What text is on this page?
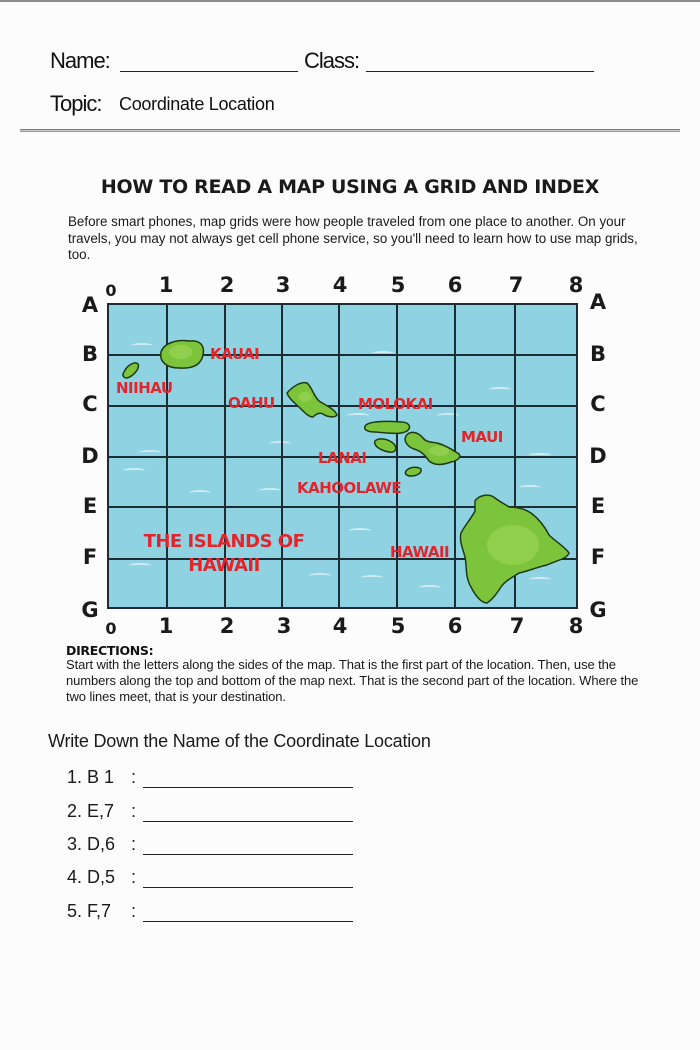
Name:	Class:
Topic: Coordinate Location
HOW TO READ A MAP USING A GRID AND INDEX
Before smart phones, map grids were how people traveled from one place to another. On your travels, you may not always get cell phone service, so you'll need to learn how to use map grids, too.
0	1 2 3 4 5 6 7 8
0	1 2 3 4 5 6 7 8
A
B
C
D
E
F
G
A
B
C
D
E
F
G
KAUAI
NIIHAU
OAHU	MOLOKAI
MAUI
LANAI
KAHOOLAWE
HAWAII
THE ISLANDS OF
HAWAII
DIRECTIONS:
Start with the letters along the sides of the map. That is the first part of the location. Then, use the numbers along the top and bottom of the map next. That is the second part of the location. Where the two lines meet, that is your destination.
Write Down the Name of the Coordinate Location
1. B 1 :
2. E,7 :
3. D,6 :
4. D,5 :
5. F,7	:
